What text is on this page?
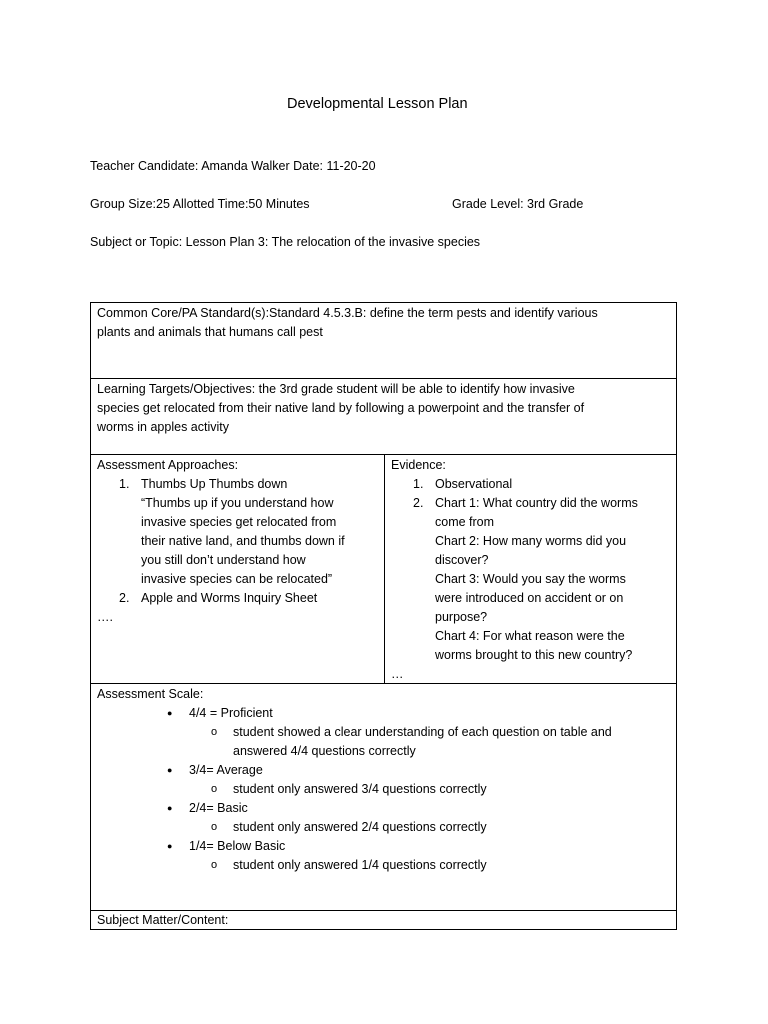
Developmental Lesson Plan
Teacher Candidate: Amanda Walker Date: 11-20-20
Group Size:25 Allotted Time:50 Minutes	Grade Level: 3rd Grade
Subject or Topic: Lesson Plan 3: The relocation of the invasive species
Common Core/PA Standard(s):Standard 4.5.3.B: define the term pests and identify various
plants and animals that humans call pest
Learning Targets/Objectives: the 3rd grade student will be able to identify how invasive
species get relocated from their native land by following a powerpoint and the transfer of
worms in apples activity
Assessment Approaches:
1. Thumbs Up Thumbs down
“Thumbs up if you understand how
invasive species get relocated from
their native land, and thumbs down if
you still don’t understand how
invasive species can be relocated”
2. Apple and Worms Inquiry Sheet
….
Evidence:
1. Observational
2. Chart 1: What country did the worms
come from
Chart 2: How many worms did you
discover?
Chart 3: Would you say the worms
were introduced on accident or on
purpose?
Chart 4: For what reason were the
worms brought to this new country?
…
Assessment Scale:
● 4/4 = Proficient
o student showed a clear understanding of each question on table and
answered 4/4 questions correctly
● 3/4= Average
o student only answered 3/4 questions correctly
● 2/4= Basic
o student only answered 2/4 questions correctly
● 1/4= Below Basic
o student only answered 1/4 questions correctly
Subject Matter/Content:
